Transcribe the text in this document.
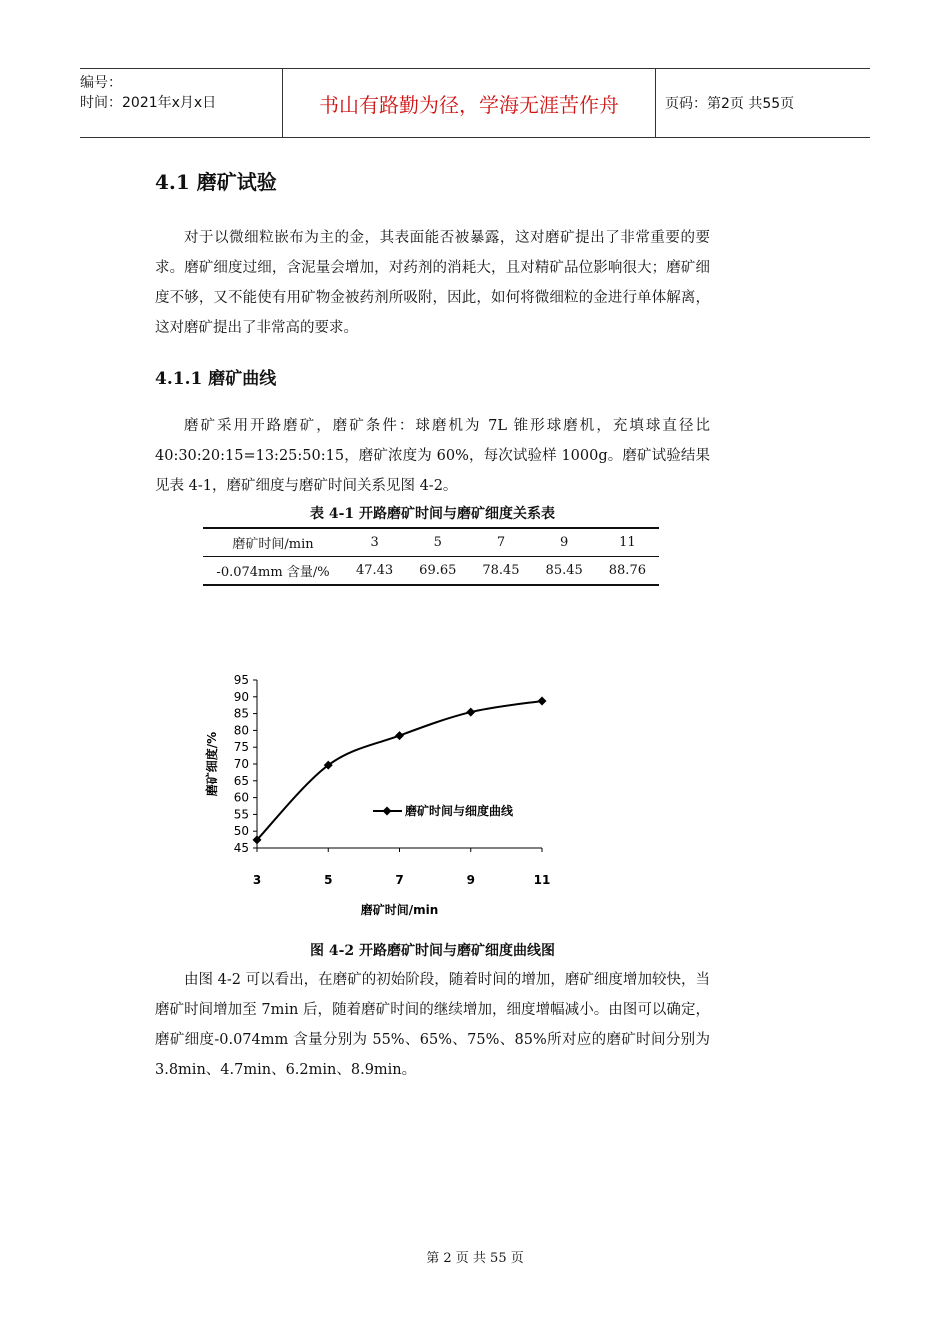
编号：
时间：2021年x月x日	书山有路勤为径，学海无涯苦作舟	页码：第2页 共55页
4.1 磨矿试验

对于以微细粒嵌布为主的金，其表面能否被暴露，这对磨矿提出了非常重要的要求。磨矿细度过细，含泥量会增加，对药剂的消耗大，且对精矿品位影响很大；磨矿细度不够，又不能使有用矿物金被药剂所吸附，因此，如何将微细粒的金进行单体解离，这对磨矿提出了非常高的要求。

4.1.1 磨矿曲线

磨矿采用开路磨矿，磨矿条件：球磨机为 7L 锥形球磨机，充填球直径比 40:30:20:15=13:25:50:15，磨矿浓度为 60%，每次试验样 1000g。磨矿试验结果见表 4-1，磨矿细度与磨矿时间关系见图 4-2。

表 4-1 开路磨矿时间与磨矿细度关系表
磨矿时间/min	3	5	7	9	11
-0.074mm 含量/%	47.43	69.65	78.45	85.45	88.76
45
50
55
60
65
70
75
80
85
90
95
3	5	7	9	11
磨矿时间/min
磨矿细度/%
磨矿时间与细度曲线
图 4-2 开路磨矿时间与磨矿细度曲线图

由图 4-2 可以看出，在磨矿的初始阶段，随着时间的增加，磨矿细度增加较快，当磨矿时间增加至 7min 后，随着磨矿时间的继续增加，细度增幅减小。由图可以确定，磨矿细度-0.074mm 含量分别为 55%、65%、75%、85%所对应的磨矿时间分别为 3.8min、4.7min、6.2min、8.9min。

第 2 页 共 55 页
